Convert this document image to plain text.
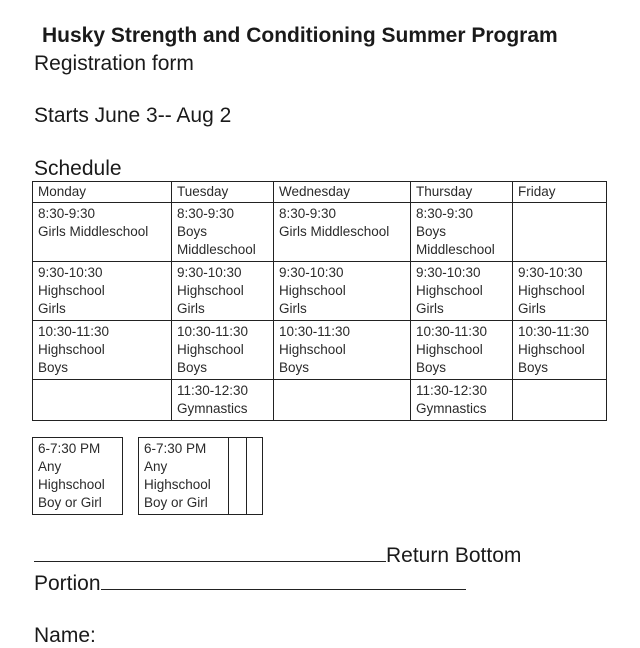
Husky Strength and Conditioning Summer Program
Registration form
Starts June 3-- Aug 2
Schedule
Monday	Tuesday	Wednesday	Thursday	Friday

8:30-9:30
Girls Middleschool	8:30-9:30
Boys
Middleschool	8:30-9:30
Girls Middleschool	8:30-9:30
Boys
Middleschool	

9:30-10:30
Highschool
Girls	9:30-10:30
Highschool
Girls	9:30-10:30
Highschool
Girls	9:30-10:30
Highschool
Girls	9:30-10:30
Highschool
Girls

10:30-11:30
Highschool
Boys	10:30-11:30
Highschool
Boys	10:30-11:30
Highschool
Boys	10:30-11:30
Highschool
Boys	10:30-11:30
Highschool
Boys

	11:30-12:30
Gymnastics		11:30-12:30
Gymnastics	

6-7:30 PM
Any
Highschool
Boy or Girl

6-7:30 PM
Any
Highschool
Boy or Girl

Return Bottom
Portion
Name:
